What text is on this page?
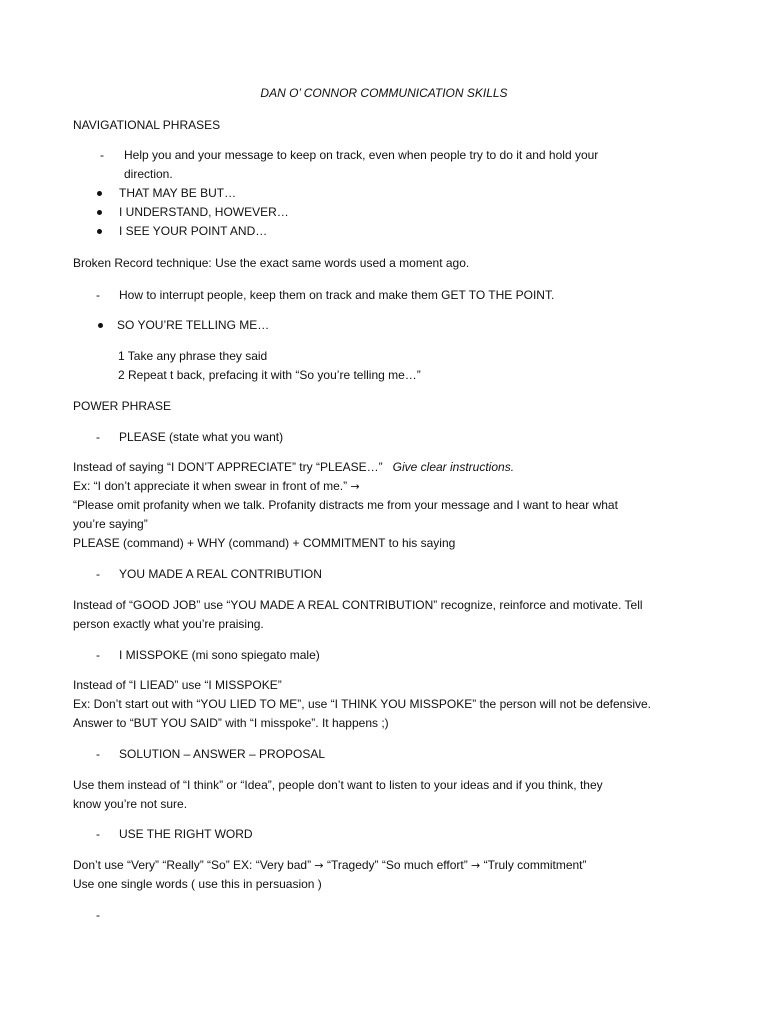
DAN O’ CONNOR COMMUNICATION SKILLS
NAVIGATIONAL PHRASES
- Help you and your message to keep on track, even when people try to do it and hold your
direction.
THAT MAY BE BUT…
I UNDERSTAND, HOWEVER…
I SEE YOUR POINT AND…
Broken Record technique: Use the exact same words used a moment ago.
- How to interrupt people, keep them on track and make them GET TO THE POINT.
SO YOU’RE TELLING ME…
1 Take any phrase they said
2 Repeat t back, prefacing it with “So you’re telling me…”
POWER PHRASE
- PLEASE (state what you want)
Instead of saying “I DON’T APPRECIATE” try “PLEASE…” Give clear instructions.
Ex: “I don’t appreciate it when swear in front of me.” →
“Please omit profanity when we talk. Profanity distracts me from your message and I want to hear what
you’re saying”
PLEASE (command) + WHY (command) + COMMITMENT to his saying
- YOU MADE A REAL CONTRIBUTION
Instead of “GOOD JOB” use “YOU MADE A REAL CONTRIBUTION” recognize, reinforce and motivate. Tell
person exactly what you’re praising.
- I MISSPOKE (mi sono spiegato male)
Instead of “I LIEAD” use “I MISSPOKE”
Ex: Don’t start out with “YOU LIED TO ME”, use “I THINK YOU MISSPOKE” the person will not be defensive.
Answer to “BUT YOU SAID” with “I misspoke”. It happens ;)
- SOLUTION – ANSWER – PROPOSAL
Use them instead of “I think” or “Idea”, people don’t want to listen to your ideas and if you think, they
know you’re not sure.
- USE THE RIGHT WORD
Don’t use “Very” “Really” “So” EX: “Very bad” → “Tragedy” “So much effort” → “Truly commitment”
Use one single words ( use this in persuasion )
-
